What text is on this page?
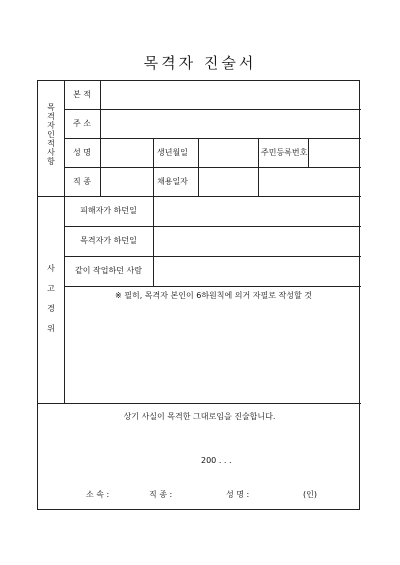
목격자 진술서
목격자인적사항
본 적
주 소
성 명	생년월일	주민등록번호
직 종	채용일자
사고경위
피해자가 하던일
목격자가 하던일
같이 작업하던 사람
※ 필히, 목격자 본인이 6하원칙에 의거 자필로 작성할 것
상기 사실이 목격한 그대로임을 진술합니다.
200 . . .
소 속 :	직 종 :	성 명 :	(인)
